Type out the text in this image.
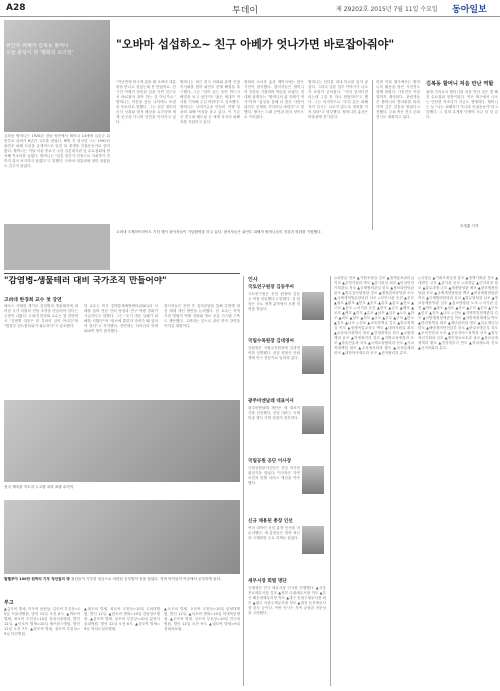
A28	투데이	제 29202호 2015년 7월 11일 수요일 동아일보
"오바마 섭섭하오~ 친구 아베가 엇나가면 바로잡아줘야"
위안부 피해자 김복동 할머니
오늘 흉상이 된 '평화의 소녀상'
김복동 할머니는 1926년 경남 양산에서 태어나 14세에 일본군 위안부로 끌려가 8년간 고초를 겪었다. 해방 후 귀국한 그는 1992년 위안부 피해 사실을 공개적으로 알린 뒤 평생을 인권운동가로 살아왔다. 할머니는 이날 서울 종로구 주한 일본대사관 앞 수요집회에 참석해 목소리를 높였다. 할머니는 "일본 정부가 진정으로 사죄하기 전까지 결코 포기하지 않겠다"고 말했다. 오바마 대통령에 대한 섭섭함도 감추지 않았다.
"지난번에 미국에 갔을 때 오바마 대통령을 만나고 싶었는데 못 만났어요. 친구인 아베가 잘못된 길을 가면 친구로서 바로잡아 줘야 하는 것 아닌가요." 할머니는 아흔을 앞둔 나이에도 또렷한 목소리로 말했다. 그는 일본 정부의 공식 사죄와 법적 배상을 요구하며 세계 곳곳을 다니며 증언을 이어가고 있다.
할머니는 최근 미국 의회와 유엔 인권이사회를 찾아 위안부 문제 해결을 촉구했다. 그는 "살아 있는 동안 반드시 해결을 보고 싶다"며 "젊은 세대가 역사를 기억해 주길 바란다"고 강조했다. 할머니는 나비기금을 만들어 전쟁 성폭력 피해 여성을 돕고 있다. 이 기금은 콩고와 베트남 등 세계 각지의 피해자를 지원하고 있다.
평화의 소녀상 흉상 제막식에는 많은 시민이 참석했다. 참석자들은 할머니의 건강을 기원하며 박수를 보냈다. 정대협 관계자는 "할머니의 삶 자체가 역사"라며 "흉상을 통해 더 많은 사람이 위안부 문제를 기억하길 바란다"고 말했다. 행사는 노래 공연과 편지 낭독으로 이어졌다.
할머니는 인터뷰 내내 미소를 잃지 않았다. 그러나 일본 정부 이야기가 나오자 표정이 굳어졌다. "사과 한마디면 되는데 그걸 못 하니 답답하다"고 했다. 그는 마지막으로 "우리 같은 피해자가 다시는 나오지 않도록 평화를 지켜 달라"고 당부했다. 할머니의 흉상은 박물관에 전시된다.
한편 이날 행사에서는 할머니의 활동을 담은 사진전도 함께 열렸다. 사진전은 이달 말까지 계속된다. 관람객들은 할머니의 발자취를 따라가며 깊은 감동을 받았다고 전했다. 주최 측은 전국 순회 전시도 계획하고 있다.
김복동 할머니 처음 만난 역할
취재 기자로서 할머니를 처음 만난 것은 몇 해 전 수요집회 현장이었다. 작은 체구에서 나오는 단단한 목소리가 지금도 생생하다. 할머니는 늘 "나는 피해자가 아니라 인권운동가"라고 말했다. 그 말의 무게를 이제야 조금 알 것 같다.
조정훈 기자
고려대 국제하이라이트 기념 행사 참석자들이 기념촬영을 하고 있다. 참석자들은 위안부 피해자 할머니들의 건강과 평화를 기원했다.
"감염병-생물테러 대비 국가조직 만들어야"
고려대 한경희 교수 첫 강연
메르스 사태를 계기로 감염병과 생물테러에 대비한 국가 차원의 전담 조직을 만들어야 한다는 주장이 나왔다. 고려대 한경희 교수는 첫 강연에서 "감염병 대응은 한 부처의 일이 아니다"며 "범정부 컨트롤타워가 필요하다"고 강조했다.
한 교수는 미국 질병통제예방센터(CDC)의 사례를 들며 전문 인력 양성과 연구 역량 강화가 시급하다고 말했다. 그는 "초기 대응 실패가 피해를 키웠다"며 "평소에 훈련과 준비가 돼 있어야 한다"고 지적했다. 강연에는 의료인과 학생 200여 명이 참석했다.
참석자들은 강연 후 질의응답을 통해 감염병 대응 체계 개선 방안을 논의했다. 한 교수는 지역 거점 병원의 역할 강화와 정보 공유 시스템 구축도 제안했다. 고려대는 앞으로 관련 연속 강연을 이어갈 계획이다.
전국 새마을 지도자 노고를 치하 표창 수여식
할렐루야 100만 원짜리 기부 청년들의 방 청년들이 기부한 성금으로 마련된 공부방이 문을 열었다. 지역 아이들이 이곳에서 공부하게 된다.
부고
▲김모씨 별세, 이모씨 남편상, 김모씨 부친상=10일 서울대병원, 발인 12일 오전 8시. ▲박모씨 별세, 최모씨 모친상=10일 삼성서울병원, 발인 12일. ▲이모씨 별세=10일 세브란스병원, 발인 12일 오전 7시. ▲정모씨 별세, 정모씨 부친상=9일 아산병원.
▲최모씨 별세, 최모씨 모친상=10일 고려대병원, 발인 12일. ▲한모씨 별세=10일 강남성모병원. ▲윤모씨 별세, 윤모씨 부친상=10일 분당서울대병원, 발인 12일 오전 6시. ▲강모씨 별세=9일 여의도성모병원.
▲오모씨 별세, 오모씨 모친상=10일 한양대병원, 발인 12일. ▲서모씨 별세=10일 이대목동병원. ▲신모씨 별세, 신모씨 부친상=10일 건국대병원, 발인 12일 오전 9시. ▲권모씨 별세=9일 경희의료원.
인사
국토연구원장 김동주씨
국토연구원은 신임 원장에 김동주 씨를 선임했다고 밝혔다. 김 원장은 국토 정책 분야에서 오랜 경력을 쌓았다.
국립수목원장 김대영씨
산림청은 국립수목원장에 김대영 씨를 임명했다. 신임 원장은 산림 생태 연구 전문가로 알려져 있다.
광주비엔날레 대표이사
광주비엔날레 재단은 새 대표이사를 선임했다. 신임 대표는 국제 미술 행사 기획 경험이 풍부하다.
국립공원 공단 이사장
국립공원관리공단은 신임 이사장 취임식을 열었다. 이사장은 자연 보전과 탐방 서비스 개선을 약속했다.
신규 채용된 총장 인선
여러 대학이 신임 총장 인선을 마무리했다. 새 총장들은 대학 혁신과 국제화를 주요 과제로 꼽았다.
세무서장 회별 명단
국세청은 전국 세무서장 인사를 단행했다. ▲서울 종로세무서장 김모 ▲중부 수원세무서장 이모 ▲부산 해운대세무서장 박모 ▲대구 동대구세무서장 최모 ▲광주 서광주세무서장 정모 ▲대전 둔산세무서장 한모 등이다. 이번 인사는 지역 균형과 전문성을 고려했다.
◇과장급 전보 ▲기획조정실 김모 ▲정책홍보관리실 이모 ▲운영지원과 박모 ▲감사관실 최모 ▲비상안전기획관실 정모 ▲국제협력관실 한모 ▲정보화담당관 윤모 ▲법무감사담당관 강모 ▲행정관리담당관 오모 ▲규제개혁법무담당관 서모 ◇부이사관 승진 ▲신모 ▲권모 ▲황모 ▲안모 ▲송모 ▲류모 ▲홍모 ▲전모 ▲고모 ▲문모 ◇서기관 승진 ▲양모 ▲손모 ▲배모 ▲조모 ▲백모 ▲허모 ▲유모 ▲남모 ▲심모 ▲노모 ▲하모 ▲곽모 ▲성모 ▲차모 ▲주모 ▲우모 ▲구모 ▲민모 ▲진모 ▲나모 ◇전보 ▲교육정책실 김모 ▲학교정책실 이모 ▲평생직업교육국 박모 ▲대학지원실 최모 ▲교육복지정책국 정모 ▲인재정책실 한모 ▲교원정책과 윤모 ▲학생복지과 강모 ▲지방교육재정과 오모 ▲학술진흥과 서모 ▲국제교육협력과 신모 ▲사교육대책팀 권모 ▲교육정보화과 황모 ▲교육통계과 안모 ▲대학학사제도과 송모 ▲산학협력과 류모.
◇국장급 ▲기획조정실장 홍모 ▲정책기획관 전모 ▲대변인 고모 ▲감사관 문모 ◇과장급 ▲인사과장 양모 ▲총무과장 손모 ▲재정담당관 배모 ▲창조행정담당관 조모 ▲규제개혁담당관 백모 ▲비상계획담당관 허모 ▲국제협력담당관 유모 ▲법무담당관 남모 ▲정보통계담당관 심모 ▲홍보담당관 노모 ◇서기관 승진 ▲하모 ▲곽모 ▲성모 ▲차모 ▲주모 ▲우모 ▲구모 ▲민모 ▲진모 ▲나모 ◇전보 ▲지역발전정책관실 김모 ▲지방행정정책관실 이모 ▲지방재정세제실 박모 ▲안전정책실 최모 ▲재난관리실 정모 ▲특수재난실 한모 ▲해양경비안전본부 윤모 ▲중앙소방본부 강모 ▲조직진단과 오모 ▲공공서비스정책과 서모 ▲정부혁신기획과 신모 ▲개인정보보호과 권모 ▲정보공개정책과 황모 ▲전자정부국 안모 ▲자치제도과 송모 ▲선거의회과 류모.
